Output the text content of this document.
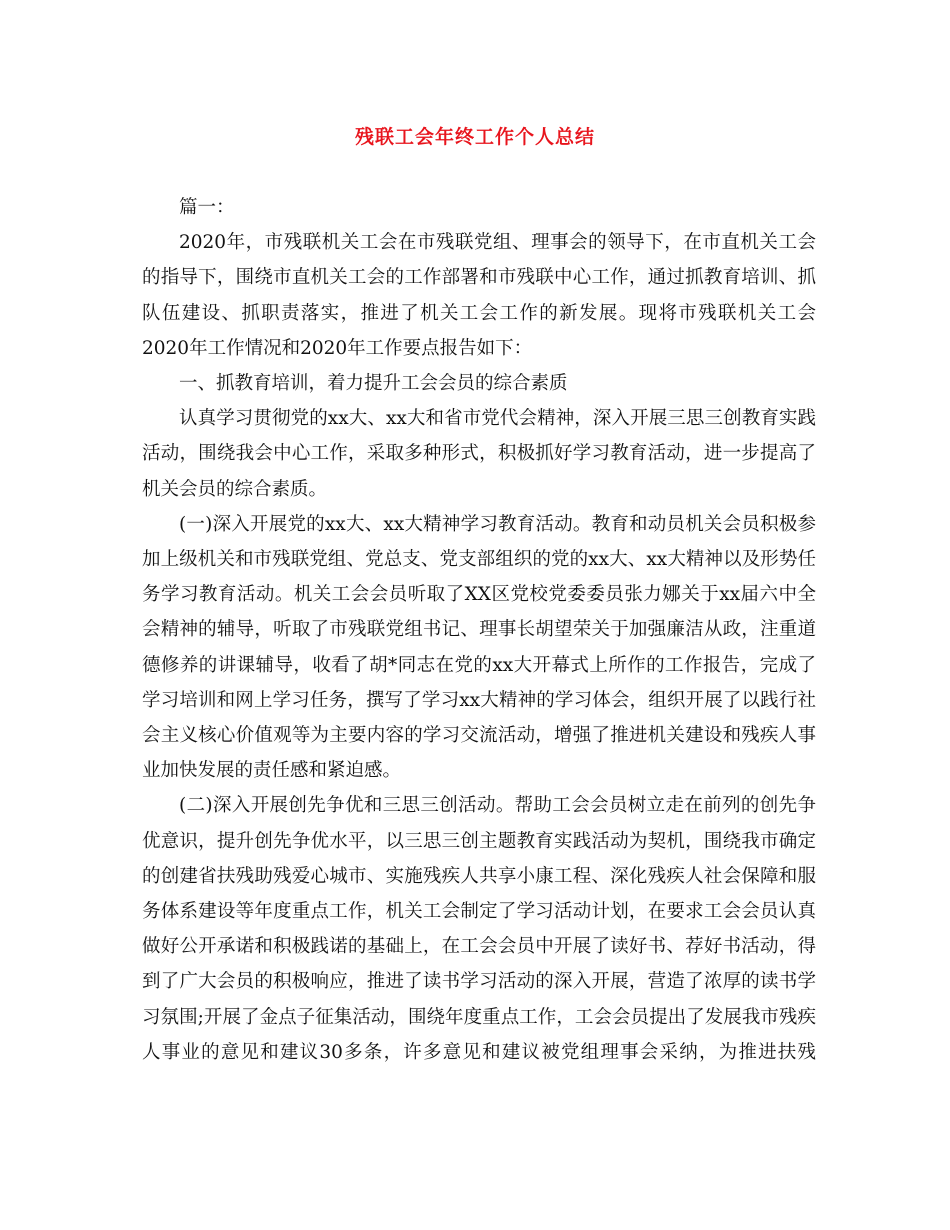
残联工会年终工作个人总结

篇一：

2020年，市残联机关工会在市残联党组、理事会的领导下，在市直机关工会的指导下，围绕市直机关工会的工作部署和市残联中心工作，通过抓教育培训、抓队伍建设、抓职责落实，推进了机关工会工作的新发展。现将市残联机关工会2020年工作情况和2020年工作要点报告如下：

一、抓教育培训，着力提升工会会员的综合素质

认真学习贯彻党的xx大、xx大和省市党代会精神，深入开展三思三创教育实践活动，围绕我会中心工作，采取多种形式，积极抓好学习教育活动，进一步提高了机关会员的综合素质。

(一)深入开展党的xx大、xx大精神学习教育活动。教育和动员机关会员积极参加上级机关和市残联党组、党总支、党支部组织的党的xx大、xx大精神以及形势任务学习教育活动。机关工会会员听取了XX区党校党委委员张力娜关于xx届六中全会精神的辅导，听取了市残联党组书记、理事长胡望荣关于加强廉洁从政，注重道德修养的讲课辅导，收看了胡*同志在党的xx大开幕式上所作的工作报告，完成了学习培训和网上学习任务，撰写了学习xx大精神的学习体会，组织开展了以践行社会主义核心价值观等为主要内容的学习交流活动，增强了推进机关建设和残疾人事业加快发展的责任感和紧迫感。

(二)深入开展创先争优和三思三创活动。帮助工会会员树立走在前列的创先争优意识，提升创先争优水平，以三思三创主题教育实践活动为契机，围绕我市确定的创建省扶残助残爱心城市、实施残疾人共享小康工程、深化残疾人社会保障和服务体系建设等年度重点工作，机关工会制定了学习活动计划，在要求工会会员认真做好公开承诺和积极践诺的基础上，在工会会员中开展了读好书、荐好书活动，得到了广大会员的积极响应，推进了读书学习活动的深入开展，营造了浓厚的读书学习氛围;开展了金点子征集活动，围绕年度重点工作，工会会员提出了发展我市残疾人事业的意见和建议30多条，许多意见和建议被党组理事会采纳，为推进扶残
